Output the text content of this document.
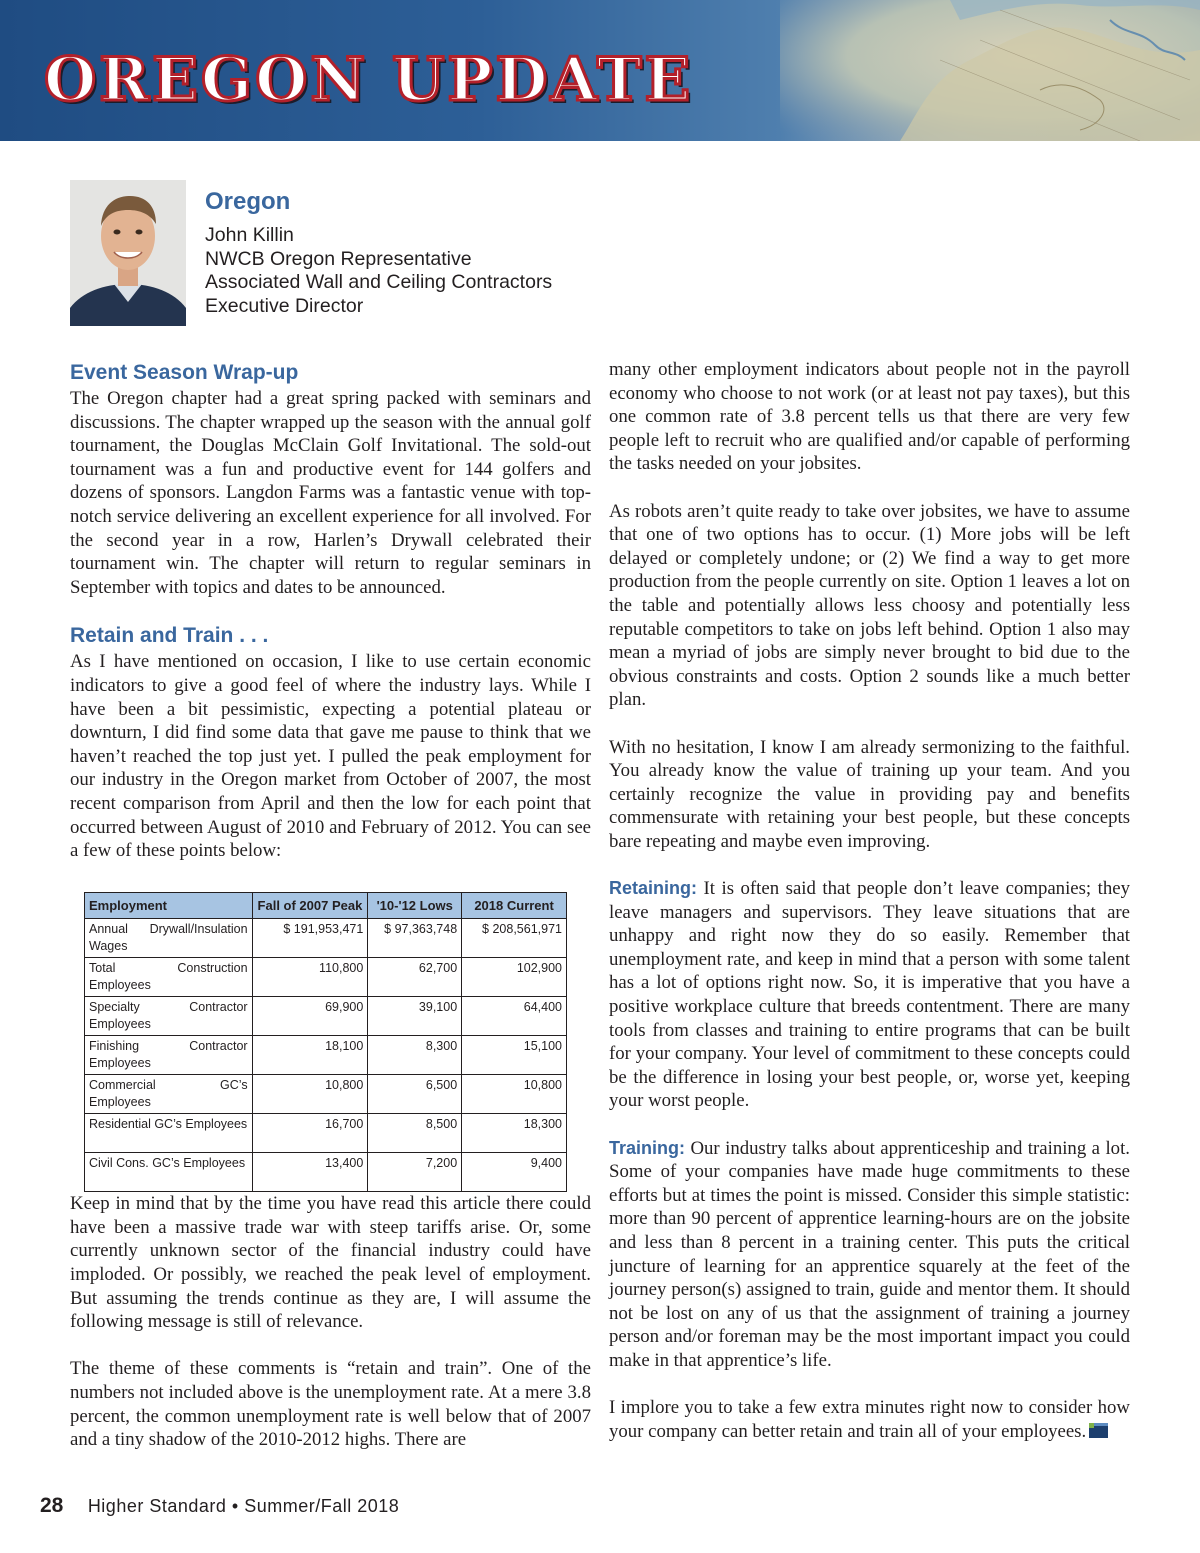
OREGON UPDATE
Oregon
John Killin
NWCB Oregon Representative
Associated Wall and Ceiling Contractors
Executive Director
Event Season Wrap-up

The Oregon chapter had a great spring packed with seminars and discussions. The chapter wrapped up the season with the annual golf tournament, the Douglas McClain Golf Invitational. The sold-out tournament was a fun and productive event for 144 golfers and dozens of sponsors. Langdon Farms was a fantastic venue with top-notch service delivering an excellent experience for all involved. For the second year in a row, Harlen’s Drywall celebrated their tournament win. The chapter will return to regular seminars in September with topics and dates to be announced.

Retain and Train . . .

As I have mentioned on occasion, I like to use certain economic indicators to give a good feel of where the industry lays. While I have been a bit pessimistic, expecting a potential plateau or downturn, I did find some data that gave me pause to think that we haven’t reached the top just yet. I pulled the peak employment for our industry in the Oregon market from October of 2007, the most recent comparison from April and then the low for each point that occurred between August of 2010 and February of 2012. You can see a few of these points below:

Employment	Fall of 2007 Peak	'10-'12 Lows	2018 Current
Annual Drywall/Insulation Wages	$ 191,953,471	$ 97,363,748	$ 208,561,971
Total Construction Employees	110,800	62,700	102,900
Specialty Contractor Employees	69,900	39,100	64,400
Finishing Contractor Employees	18,100	8,300	15,100
Commercial GC’s Employees	10,800	6,500	10,800
Residential GC’s Employees	16,700	8,500	18,300
Civil Cons. GC’s Employees	13,400	7,200	9,400

Keep in mind that by the time you have read this article there could have been a massive trade war with steep tariffs arise. Or, some currently unknown sector of the financial industry could have imploded. Or possibly, we reached the peak level of employment. But assuming the trends continue as they are, I will assume the following message is still of relevance.

The theme of these comments is “retain and train”. One of the numbers not included above is the unemployment rate. At a mere 3.8 percent, the common unemployment rate is well below that of 2007 and a tiny shadow of the 2010-2012 highs. There are

many other employment indicators about people not in the payroll economy who choose to not work (or at least not pay taxes), but this one common rate of 3.8 percent tells us that there are very few people left to recruit who are qualified and/or capable of performing the tasks needed on your jobsites.

As robots aren’t quite ready to take over jobsites, we have to assume that one of two options has to occur. (1) More jobs will be left delayed or completely undone; or (2) We find a way to get more production from the people currently on site. Option 1 leaves a lot on the table and potentially allows less choosy and potentially less reputable competitors to take on jobs left behind. Option 1 also may mean a myriad of jobs are simply never brought to bid due to the obvious constraints and costs. Option 2 sounds like a much better plan.

With no hesitation, I know I am already sermonizing to the faithful. You already know the value of training up your team. And you certainly recognize the value in providing pay and benefits commensurate with retaining your best people, but these concepts bare repeating and maybe even improving.

Retaining: It is often said that people don’t leave companies; they leave managers and supervisors. They leave situations that are unhappy and right now they do so easily. Remember that unemployment rate, and keep in mind that a person with some talent has a lot of options right now. So, it is imperative that you have a positive workplace culture that breeds contentment. There are many tools from classes and training to entire programs that can be built for your company. Your level of commitment to these concepts could be the difference in losing your best people, or, worse yet, keeping your worst people.

Training: Our industry talks about apprenticeship and training a lot. Some of your companies have made huge commitments to these efforts but at times the point is missed. Consider this simple statistic: more than 90 percent of apprentice learning-hours are on the jobsite and less than 8 percent in a training center. This puts the critical juncture of learning for an apprentice squarely at the feet of the journey person(s) assigned to train, guide and mentor them. It should not be lost on any of us that the assignment of training a journey person and/or foreman may be the most important impact you could make in that apprentice’s life.

I implore you to take a few extra minutes right now to consider how your company can better retain and train all of your employees.

28 Higher Standard • Summer/Fall 2018
